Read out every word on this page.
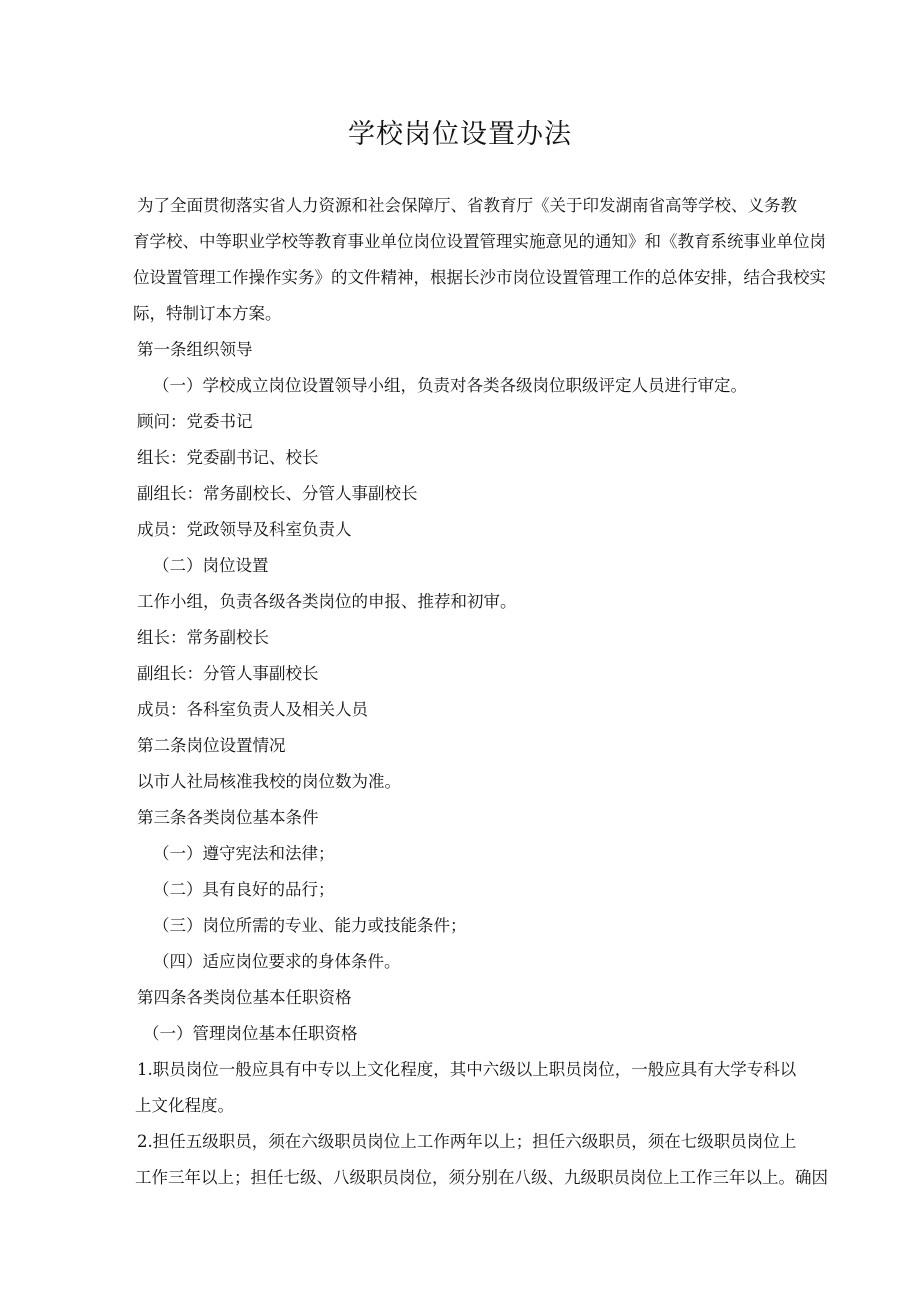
学校岗位设置办法

为了全面贯彻落实省人力资源和社会保障厅、省教育厅《关于印发湖南省高等学校、义务教

育学校、中等职业学校等教育事业单位岗位设置管理实施意见的通知》和《教育系统事业单位岗

位设置管理工作操作实务》的文件精神，根据长沙市岗位设置管理工作的总体安排，结合我校实

际，特制订本方案。

第一条组织领导

（一）学校成立岗位设置领导小组，负责对各类各级岗位职级评定人员进行审定。

顾问：党委书记

组长：党委副书记、校长

副组长：常务副校长、分管人事副校长

成员：党政领导及科室负责人

（二）岗位设置

工作小组，负责各级各类岗位的申报、推荐和初审。

组长：常务副校长

副组长：分管人事副校长

成员：各科室负责人及相关人员

第二条岗位设置情况

以市人社局核准我校的岗位数为准。

第三条各类岗位基本条件

（一）遵守宪法和法律；

（二）具有良好的品行；

（三）岗位所需的专业、能力或技能条件；

（四）适应岗位要求的身体条件。

第四条各类岗位基本任职资格

（一）管理岗位基本任职资格

1.职员岗位一般应具有中专以上文化程度，其中六级以上职员岗位，一般应具有大学专科以

上文化程度。

2.担任五级职员，须在六级职员岗位上工作两年以上；担任六级职员，须在七级职员岗位上

工作三年以上；担任七级、八级职员岗位，须分别在八级、九级职员岗位上工作三年以上。确因
